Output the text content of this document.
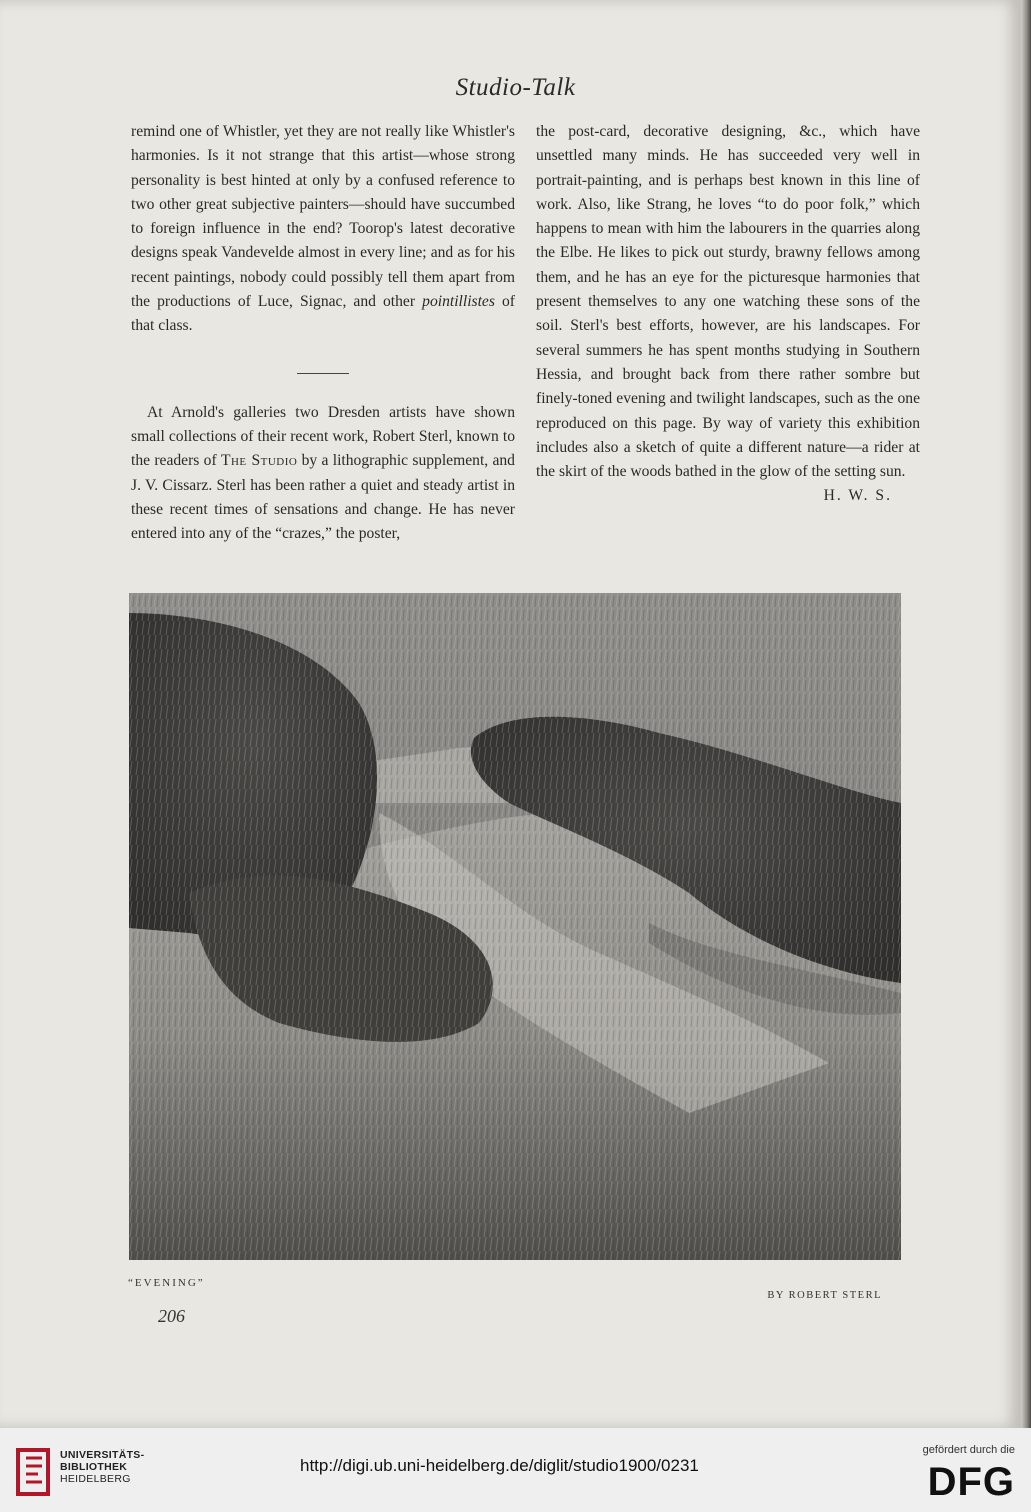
Studio-Talk

remind one of Whistler, yet they are not really like Whistler's harmonies. Is it not strange that this artist—whose strong personality is best hinted at only by a confused reference to two other great subjective painters—should have succumbed to foreign influence in the end? Toorop's latest decorative designs speak Vandevelde almost in every line; and as for his recent paintings, nobody could possibly tell them apart from the productions of Luce, Signac, and other pointillistes of that class.

At Arnold's galleries two Dresden artists have shown small collections of their recent work, Robert Sterl, known to the readers of The Studio by a lithographic supplement, and J. V. Cissarz. Sterl has been rather a quiet and steady artist in these recent times of sensations and change. He has never entered into any of the “crazes,” the poster,

the post-card, decorative designing, &c., which have unsettled many minds. He has succeeded very well in portrait-painting, and is perhaps best known in this line of work. Also, like Strang, he loves “to do poor folk,” which happens to mean with him the labourers in the quarries along the Elbe. He likes to pick out sturdy, brawny fellows among them, and he has an eye for the picturesque harmonies that present themselves to any one watching these sons of the soil. Sterl's best efforts, however, are his landscapes. For several summers he has spent months studying in Southern Hessia, and brought back from there rather sombre but finely-toned evening and twilight landscapes, such as the one reproduced on this page. By way of variety this exhibition includes also a sketch of quite a different nature—a rider at the skirt of the woods bathed in the glow of the setting sun.

H. W. S.

“EVENING”
BY ROBERT STERL
206
UNIVERSITÄTS-
BIBLIOTHEK
HEIDELBERG
http://digi.ub.uni-heidelberg.de/diglit/studio1900/0231
gefördert durch die
DFG
